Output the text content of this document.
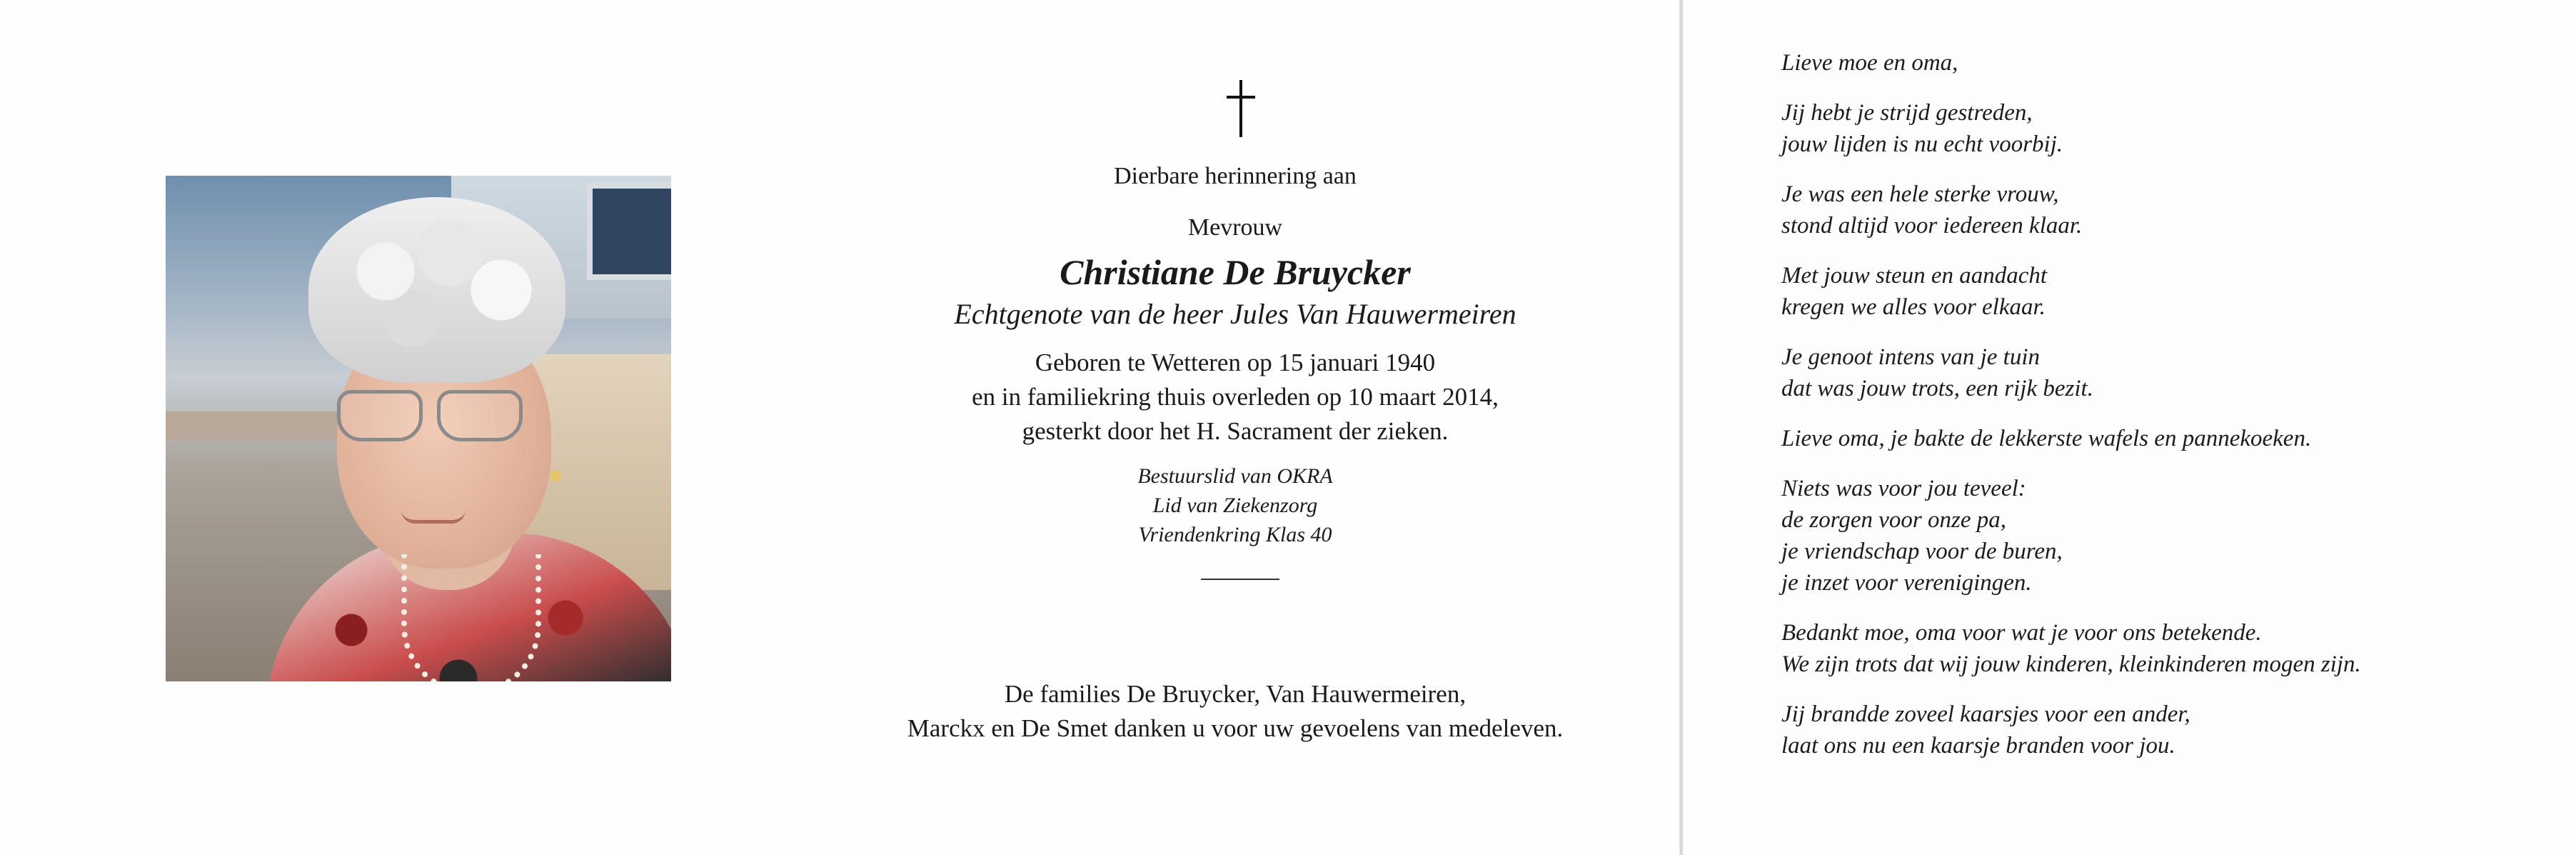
Dierbare herinnering aan
Mevrouw
Christiane De Bruycker
Echtgenote van de heer Jules Van Hauwermeiren
Geboren te Wetteren op 15 januari 1940
en in familiekring thuis overleden op 10 maart 2014,
gesterkt door het H. Sacrament der zieken.
Bestuurslid van OKRA
Lid van Ziekenzorg
Vriendenkring Klas 40
De families De Bruycker, Van Hauwermeiren,
Marckx en De Smet danken u voor uw gevoelens van medeleven.
Lieve moe en oma,
Jij hebt je strijd gestreden,
jouw lijden is nu echt voorbij.
Je was een hele sterke vrouw,
stond altijd voor iedereen klaar.
Met jouw steun en aandacht
kregen we alles voor elkaar.
Je genoot intens van je tuin
dat was jouw trots, een rijk bezit.
Lieve oma, je bakte de lekkerste wafels en pannekoeken.
Niets was voor jou teveel:
de zorgen voor onze pa,
je vriendschap voor de buren,
je inzet voor verenigingen.
Bedankt moe, oma voor wat je voor ons betekende.
We zijn trots dat wij jouw kinderen, kleinkinderen mogen zijn.
Jij brandde zoveel kaarsjes voor een ander,
laat ons nu een kaarsje branden voor jou.
